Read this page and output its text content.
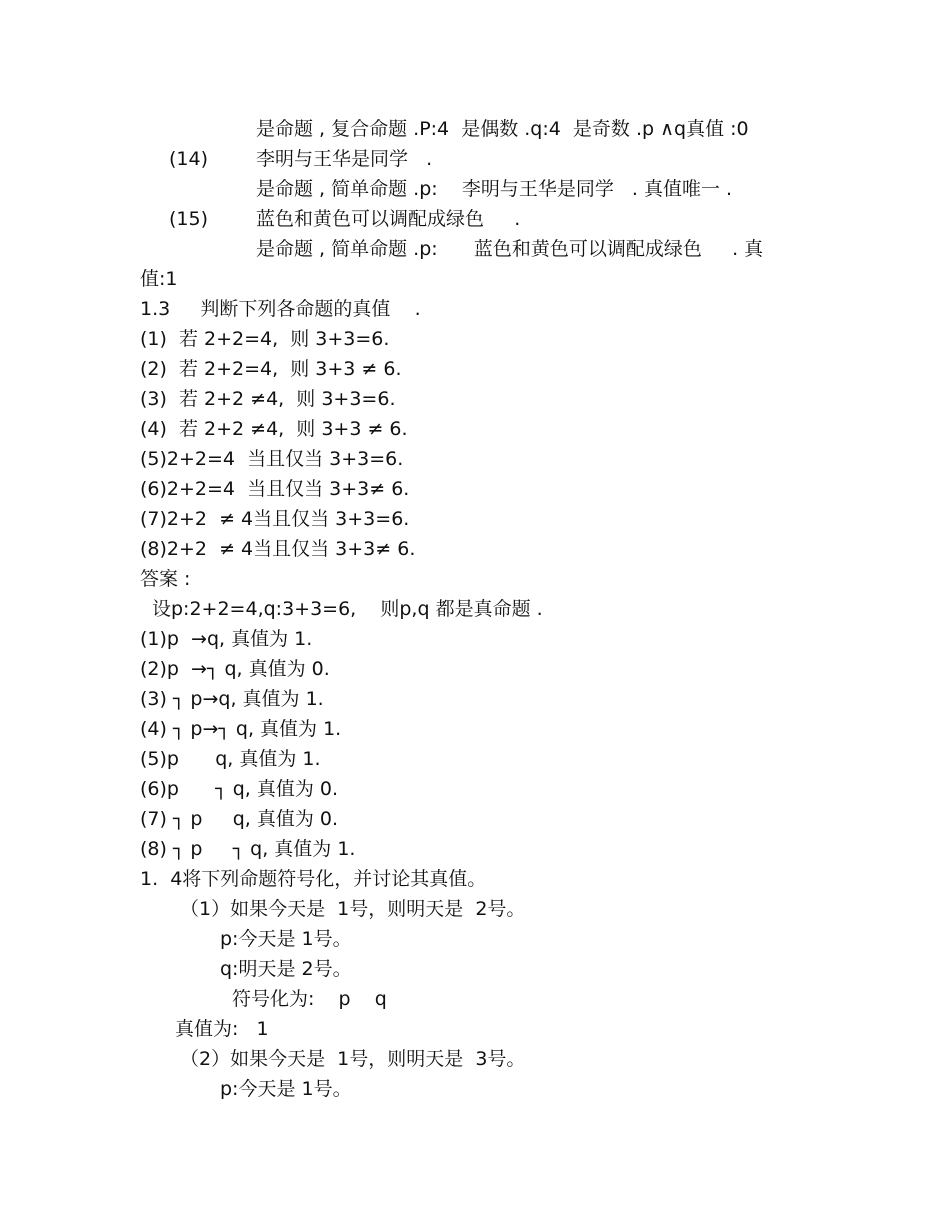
是命题 , 复合命题 .P:4  是偶数 .q:4  是奇数 .p ∧q真值 :0
(14)	李明与王华是同学   .
是命题 , 简单命题 .p:    李明与王华是同学   . 真值唯一 .
(15)	蓝色和黄色可以调配成绿色     .
是命题 , 简单命题 .p:      蓝色和黄色可以调配成绿色     . 真
值:1
1.3     判断下列各命题的真值    .
(1)  若 2+2=4,  则 3+3=6.
(2)  若 2+2=4,  则 3+3 ≠ 6.
(3)  若 2+2 ≠4,  则 3+3=6.
(4)  若 2+2 ≠4,  则 3+3 ≠ 6.
(5)2+2=4  当且仅当 3+3=6.
(6)2+2=4  当且仅当 3+3≠ 6.
(7)2+2  ≠ 4当且仅当 3+3=6.
(8)2+2  ≠ 4当且仅当 3+3≠ 6.
答案 :
设p:2+2=4,q:3+3=6,    则p,q 都是真命题 .
(1)p  →q, 真值为 1.
(2)p  →┐ q, 真值为 0.
(3) ┐ p→q, 真值为 1.
(4) ┐ p→┐ q, 真值为 1.
(5)p      q, 真值为 1.
(6)p      ┐ q, 真值为 0.
(7) ┐ p     q, 真值为 0.
(8) ┐ p     ┐ q, 真值为 1.
1.  4将下列命题符号化，并讨论其真值。
（1）如果今天是  1号，则明天是  2号。
p:今天是 1号。
q:明天是 2号。
符号化为:    p    q
真值为:   1
（2）如果今天是  1号，则明天是  3号。
p:今天是 1号。
